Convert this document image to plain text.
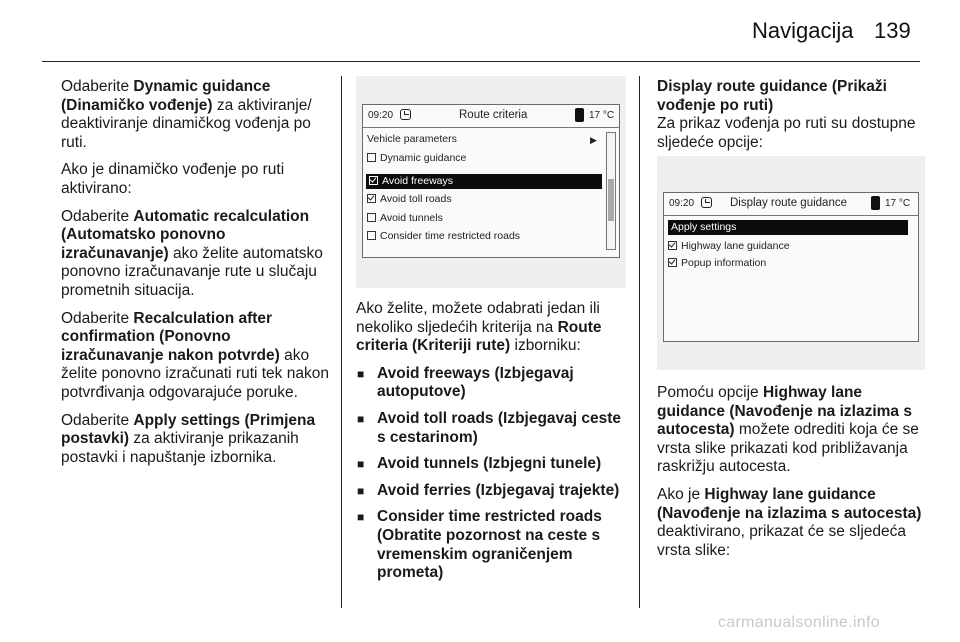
Navigacija 139

Odaberite Dynamic guidance (Dinamičko vođenje) za aktiviranje/ deaktiviranje dinamičkog vođenja po ruti.

Ako je dinamičko vođenje po ruti aktivirano:

Odaberite Automatic recalculation (Automatsko ponovno izračunavanje) ako želite automatsko ponovno izračunavanje rute u slučaju prometnih situacija.

Odaberite Recalculation after confirmation (Ponovno izračunavanje nakon potvrde) ako želite ponovno izračunati ruti tek nakon potvrđivanja odgovarajuće poruke.

Odaberite Apply settings (Primjena postavki) za aktiviranje prikazanih postavki i napuštanje izbornika.

09:20	Route criteria	17 °C
Vehicle parameters	▶
Dynamic guidance
Avoid freeways
Avoid toll roads
Avoid tunnels
Consider time restricted roads

Ako želite, možete odabrati jedan ili nekoliko sljedećih kriterija na Route criteria (Kriteriji rute) izborniku:

■ Avoid freeways (Izbjegavaj autoputove)
■ Avoid toll roads (Izbjegavaj ceste s cestarinom)
■ Avoid tunnels (Izbjegni tunele)
■ Avoid ferries (Izbjegavaj trajekte)
■ Consider time restricted roads (Obratite pozornost na ceste s vremenskim ograničenjem prometa)

Display route guidance (Prikaži vođenje po ruti)

Za prikaz vođenja po ruti su dostupne sljedeće opcije:

09:20	Display route guidance	17 °C
Apply settings
Highway lane guidance
Popup information

Pomoću opcije Highway lane guidance (Navođenje na izlazima s autocesta) možete odrediti koja će se vrsta slike prikazati kod približavanja raskrižju autocesta.

Ako je Highway lane guidance (Navođenje na izlazima s autocesta) deaktivirano, prikazat će se sljedeća vrsta slike:

carmanualsonline.info
